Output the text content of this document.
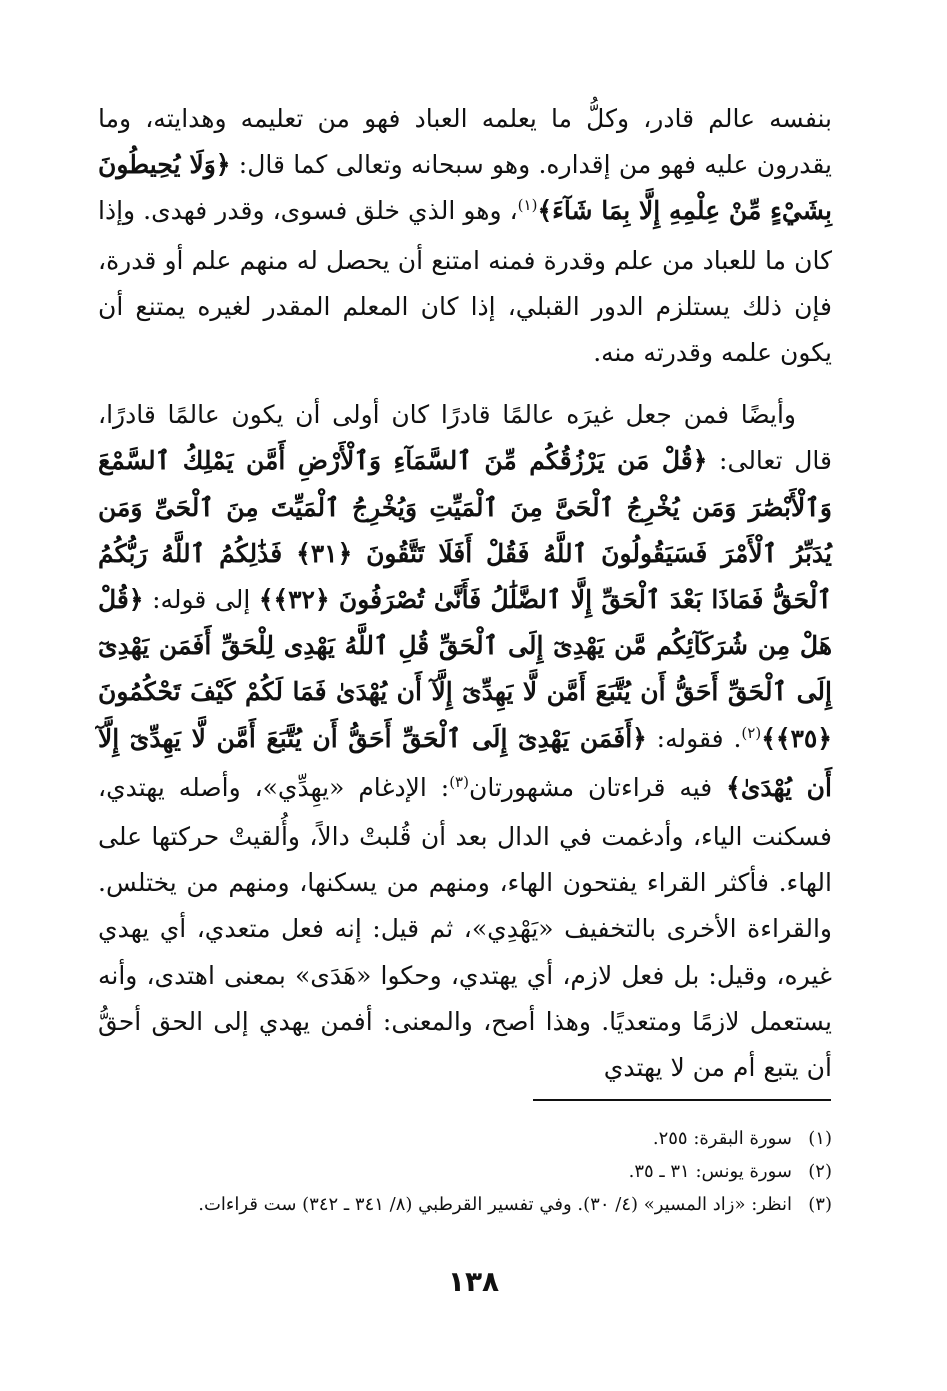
بنفسه عالم قادر، وكلُّ ما يعلمه العباد فهو من تعليمه وهدايته، وما يقدرون عليه فهو من إقداره. وهو سبحانه وتعالى كما قال: ﴿وَلَا يُحِيطُونَ بِشَيْءٍ مِّنْ عِلْمِهِ إِلَّا بِمَا شَآءَ﴾$^{(١)}$، وهو الذي خلق فسوى، وقدر فهدى. وإذا كان ما للعباد من علم وقدرة فمنه امتنع أن يحصل له منهم علم أو قدرة، فإن ذلك يستلزم الدور القبلي، إذا كان المعلم المقدر لغيره يمتنع أن يكون علمه وقدرته منه.

وأيضًا فمن جعل غيرَه عالمًا قادرًا كان أولى أن يكون عالمًا قادرًا، قال تعالى: ﴿قُلْ مَن يَرْزُقُكُم مِّنَ ٱلسَّمَآءِ وَٱلْأَرْضِ أَمَّن يَمْلِكُ ٱلسَّمْعَ وَٱلْأَبْصَٰرَ وَمَن يُخْرِجُ ٱلْحَىَّ مِنَ ٱلْمَيِّتِ وَيُخْرِجُ ٱلْمَيِّتَ مِنَ ٱلْحَىِّ وَمَن يُدَبِّرُ ٱلْأَمْرَ فَسَيَقُولُونَ ٱللَّهُ فَقُلْ أَفَلَا تَتَّقُونَ ﴿٣١﴾ فَذَٰلِكُمُ ٱللَّهُ رَبُّكُمُ ٱلْحَقُّ فَمَاذَا بَعْدَ ٱلْحَقِّ إِلَّا ٱلضَّلَٰلُ فَأَنَّىٰ تُصْرَفُونَ ﴿٣٢﴾﴾ إلى قوله: ﴿قُلْ هَلْ مِن شُرَكَآئِكُم مَّن يَهْدِىٓ إِلَى ٱلْحَقِّ قُلِ ٱللَّهُ يَهْدِى لِلْحَقِّ أَفَمَن يَهْدِىٓ إِلَى ٱلْحَقِّ أَحَقُّ أَن يُتَّبَعَ أَمَّن لَّا يَهِدِّىٓ إِلَّآ أَن يُهْدَىٰ فَمَا لَكُمْ كَيْفَ تَحْكُمُونَ ﴿٣٥﴾﴾$^{(٢)}$. فقوله: ﴿أَفَمَن يَهْدِىٓ إِلَى ٱلْحَقِّ أَحَقُّ أَن يُتَّبَعَ أَمَّن لَّا يَهِدِّىٓ إِلَّآ أَن يُهْدَىٰ﴾ فيه قراءتان مشهورتان$^{(٣)}$: الإدغام «يهِدِّي»، وأصله يهتدي، فسكنت الياء، وأدغمت في الدال بعد أن قُلبتْ دالاً، وأُلقيتْ حركتها على الهاء. فأكثر القراء يفتحون الهاء، ومنهم من يسكنها، ومنهم من يختلس. والقراءة الأخرى بالتخفيف «يَهْدِي»، ثم قيل: إنه فعل متعدي، أي يهدي غيره، وقيل: بل فعل لازم، أي يهتدي، وحكوا «هَدَى» بمعنى اهتدى، وأنه يستعمل لازمًا ومتعديًا. وهذا أصح، والمعنى: أفمن يهدي إلى الحق أحقُّ أن يتبع أم من لا يهتدي

(١)سورة البقرة: ٢٥٥.

(٢)سورة يونس: ٣١ ـ ٣٥.

(٣)انظر: «زاد المسير» (٤/ ٣٠). وفي تفسير القرطبي (٨/ ٣٤١ ـ ٣٤٢) ست قراءات.

١٣٨
